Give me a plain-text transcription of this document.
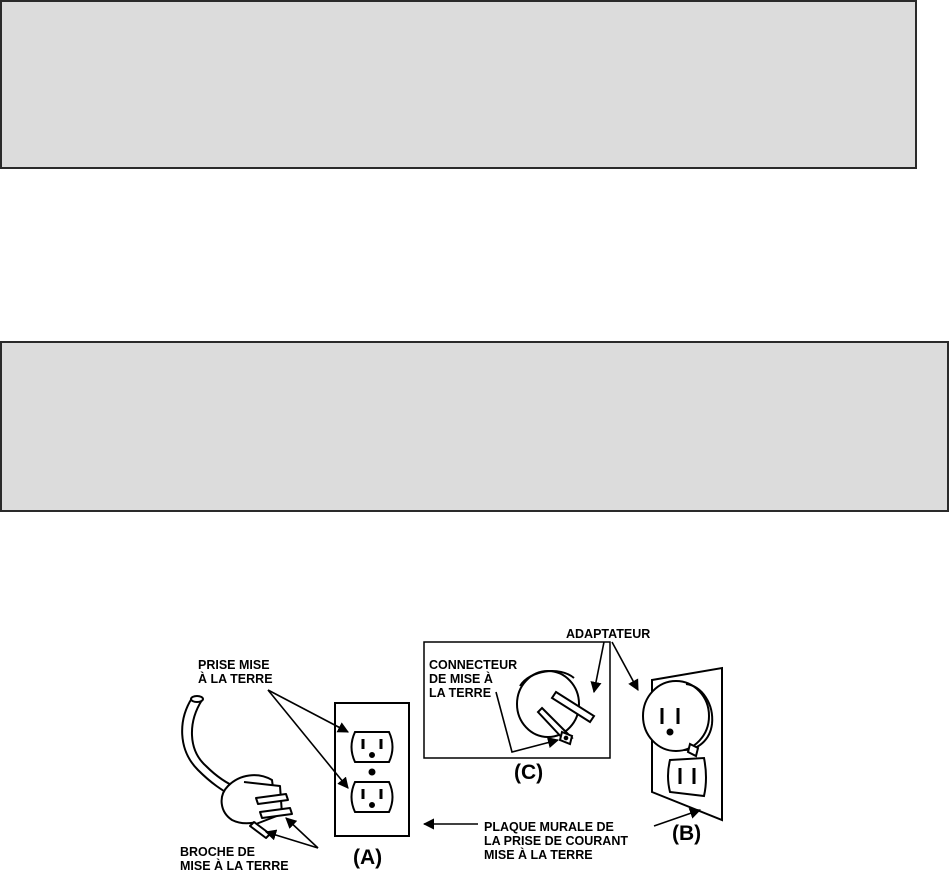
PRISE MISE
À LA TERRE
BROCHE DE
MISE À LA TERRE
CONNECTEUR
DE MISE À
LA TERRE
ADAPTATEUR
PLAQUE MURALE DE
LA PRISE DE COURANT
MISE À LA TERRE
(A)
(B)
(C)
